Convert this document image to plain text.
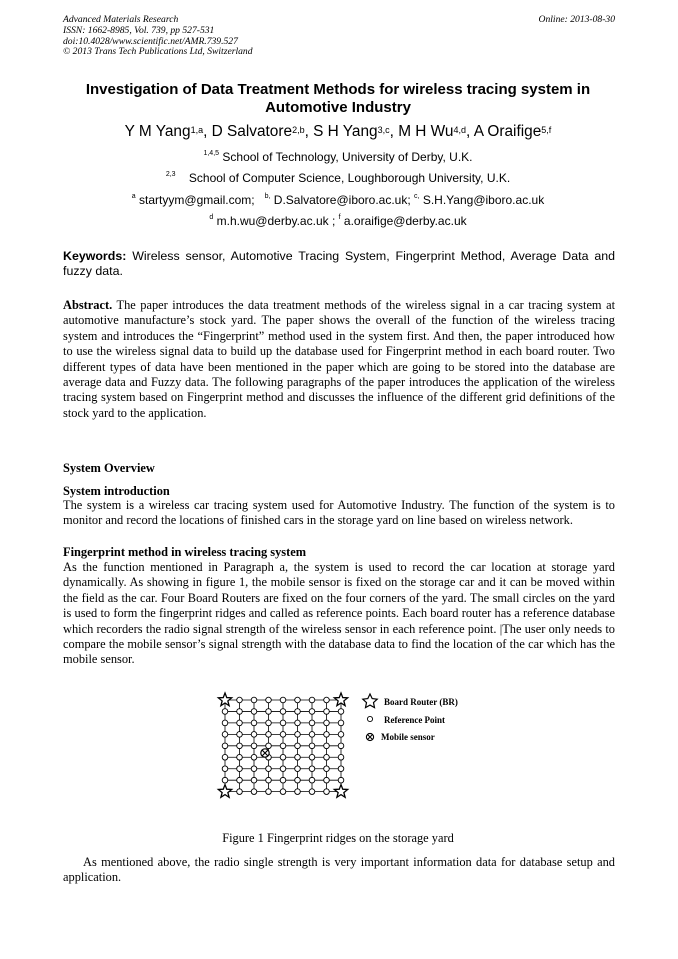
Advanced Materials Research
ISSN: 1662-8985, Vol. 739, pp 527-531
doi:10.4028/www.scientific.net/AMR.739.527
© 2013 Trans Tech Publications Ltd, Switzerland
Online: 2013-08-30
Investigation of Data Treatment Methods for wireless tracing system in Automotive Industry
Y M Yang$^{1,a}$, D Salvatore$^{2,b}$, S H Yang$^{3,c}$, M H Wu$^{4,d}$, A Oraifige$^{5,f}$
$^{1,4,5}$ School of Technology, University of Derby, U.K.
$^{2,3}$ School of Computer Science, Loughborough University, U.K.
$^a$ startyym@gmail.com; $^{b,}$ D.Salvatore@iboro.ac.uk; $^{c,}$ S.H.Yang@iboro.ac.uk
$^d$ m.h.wu@derby.ac.uk ; $^f$ a.oraifige@derby.ac.uk
Keywords: Wireless sensor, Automotive Tracing System, Fingerprint Method, Average Data and fuzzy data.
Abstract. The paper introduces the data treatment methods of the wireless signal in a car tracing system at automotive manufacture’s stock yard. The paper shows the overall of the function of the wireless tracing system and introduces the “Fingerprint” method used in the system first. And then, the paper introduced how to use the wireless signal data to build up the database used for Fingerprint method in each board router. Two different types of data have been mentioned in the paper which are going to be stored into the database are average data and Fuzzy data. The following paragraphs of the paper introduces the application of the wireless tracing system based on Fingerprint method and discusses the influence of the different grid definitions of the stock yard to the application.
System Overview
System introduction
The system is a wireless car tracing system used for Automotive Industry. The function of the system is to monitor and record the locations of finished cars in the storage yard on line based on wireless network.
Fingerprint method in wireless tracing system
As the function mentioned in Paragraph a, the system is used to record the car location at storage yard dynamically. As showing in figure 1, the mobile sensor is fixed on the storage car and it can be moved within the field as the car. Four Board Routers are fixed on the four corners of the yard. The small circles on the yard is used to form the fingerprint ridges and called as reference points. Each board router has a reference database which recorders the radio signal strength of the wireless sensor in each reference point. |The user only needs to compare the mobile sensor’s signal strength with the database data to find the location of the car which has the mobile sensor.
Board Router (BR)
Reference Point
Mobile sensor
Figure 1 Fingerprint ridges on the storage yard
As mentioned above, the radio single strength is very important information data for database setup and application.
